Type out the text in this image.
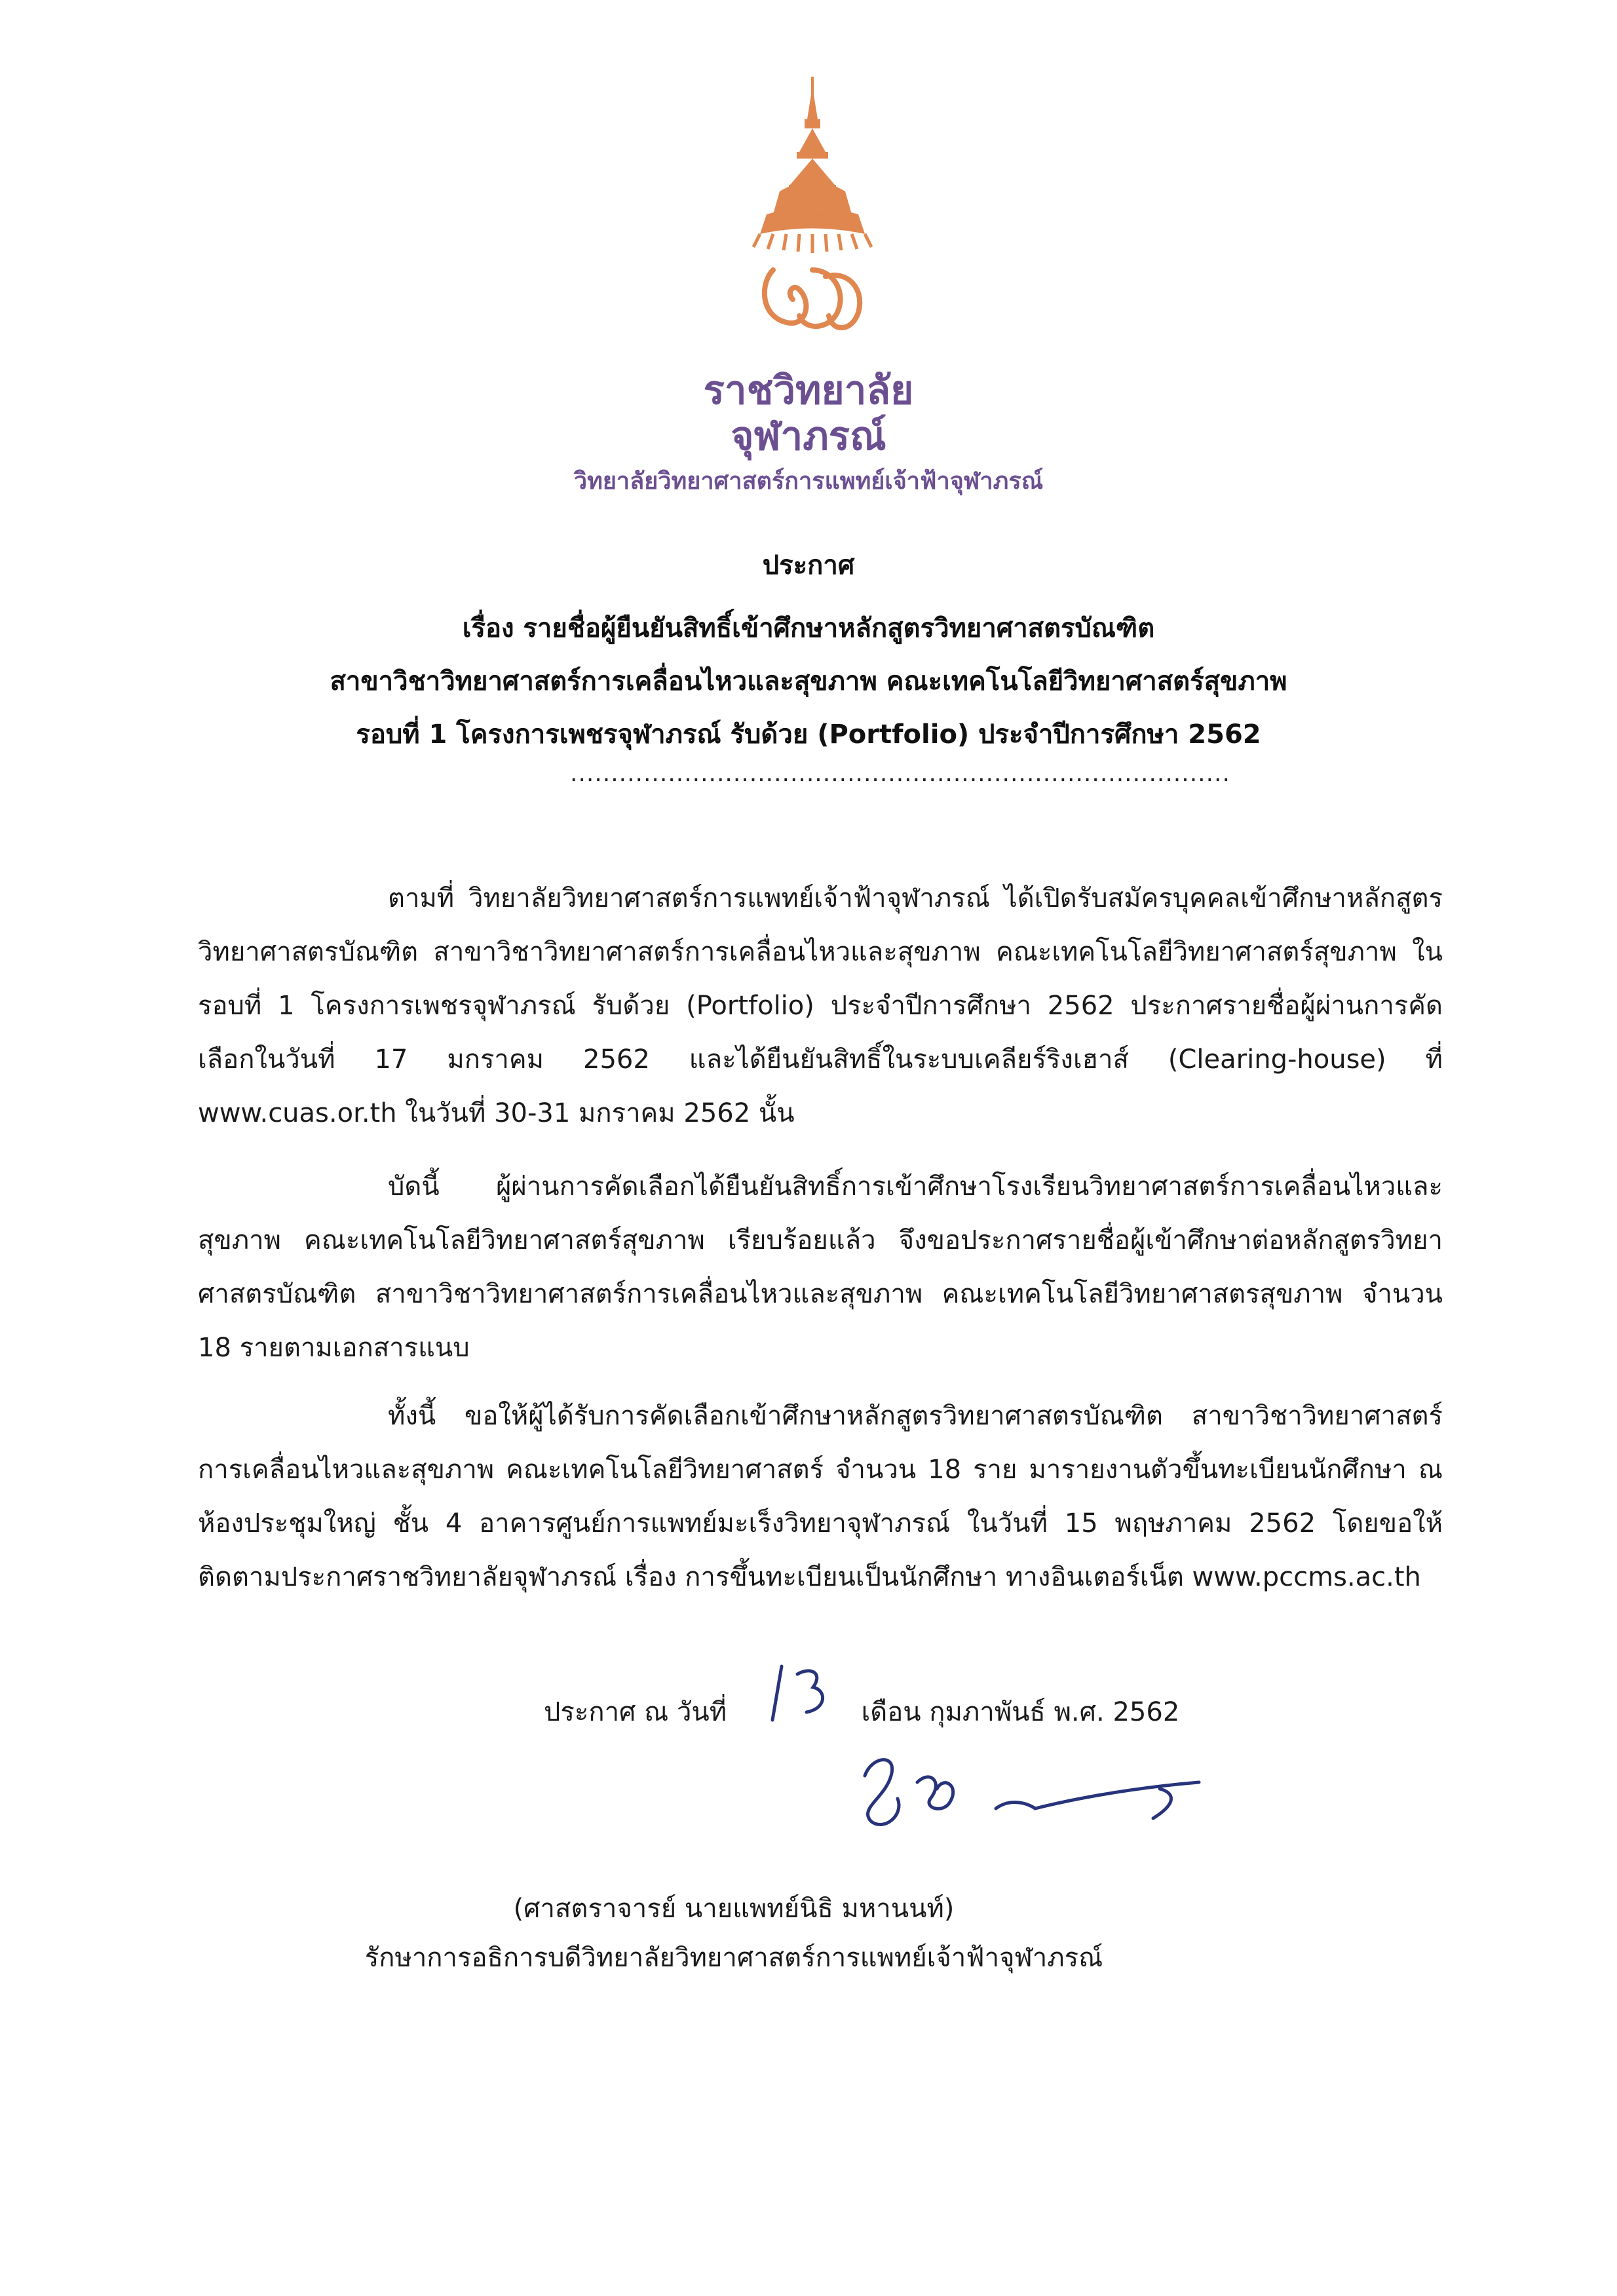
ราชวิทยาลัย
จุฬาภรณ์
วิทยาลัยวิทยาศาสตร์การแพทย์เจ้าฟ้าจุฬาภรณ์
ประกาศ
เรื่อง รายชื่อผู้ยืนยันสิทธิ์เข้าศึกษาหลักสูตรวิทยาศาสตรบัณฑิต
สาขาวิชาวิทยาศาสตร์การเคลื่อนไหวและสุขภาพ คณะเทคโนโลยีวิทยาศาสตร์สุขภาพ
รอบที่ 1 โครงการเพชรจุฬาภรณ์ รับด้วย (Portfolio) ประจำปีการศึกษา 2562
.................................................................................

ตามที่ วิทยาลัยวิทยาศาสตร์การแพทย์เจ้าฟ้าจุฬาภรณ์ ได้เปิดรับสมัครบุคคลเข้าศึกษาหลักสูตรวิทยาศาสตรบัณฑิต สาขาวิชาวิทยาศาสตร์การเคลื่อนไหวและสุขภาพ คณะเทคโนโลยีวิทยาศาสตร์สุขภาพ ในรอบที่ 1 โครงการเพชรจุฬาภรณ์ รับด้วย (Portfolio) ประจำปีการศึกษา 2562 ประกาศรายชื่อผู้ผ่านการคัดเลือกในวันที่ 17 มกราคม 2562 และได้ยืนยันสิทธิ์ในระบบเคลียร์ริงเฮาส์ (Clearing-house) ที่ www.cuas.or.th ในวันที่ 30-31 มกราคม 2562 นั้น

บัดนี้ ผู้ผ่านการคัดเลือกได้ยืนยันสิทธิ์การเข้าศึกษาโรงเรียนวิทยาศาสตร์การเคลื่อนไหวและสุขภาพ คณะเทคโนโลยีวิทยาศาสตร์สุขภาพ เรียบร้อยแล้ว จึงขอประกาศรายชื่อผู้เข้าศึกษาต่อหลักสูตรวิทยาศาสตรบัณฑิต สาขาวิชาวิทยาศาสตร์การเคลื่อนไหวและสุขภาพ คณะเทคโนโลยีวิทยาศาสตรสุขภาพ จำนวน 18 รายตามเอกสารแนบ

ทั้งนี้ ขอให้ผู้ได้รับการคัดเลือกเข้าศึกษาหลักสูตรวิทยาศาสตรบัณฑิต สาขาวิชาวิทยาศาสตร์การเคลื่อนไหวและสุขภาพ คณะเทคโนโลยีวิทยาศาสตร์ จำนวน 18 ราย มารายงานตัวขึ้นทะเบียนนักศึกษา ณ ห้องประชุมใหญ่ ชั้น 4 อาคารศูนย์การแพทย์มะเร็งวิทยาจุฬาภรณ์ ในวันที่ 15 พฤษภาคม 2562 โดยขอให้ติดตามประกาศราชวิทยาลัยจุฬาภรณ์ เรื่อง การขึ้นทะเบียนเป็นนักศึกษา ทางอินเตอร์เน็ต www.pccms.ac.th

ประกาศ ณ วันที่	เดือน กุมภาพันธ์ พ.ศ. 2562
(ศาสตราจารย์ นายแพทย์นิธิ มหานนท์)
รักษาการอธิการบดีวิทยาลัยวิทยาศาสตร์การแพทย์เจ้าฟ้าจุฬาภรณ์
